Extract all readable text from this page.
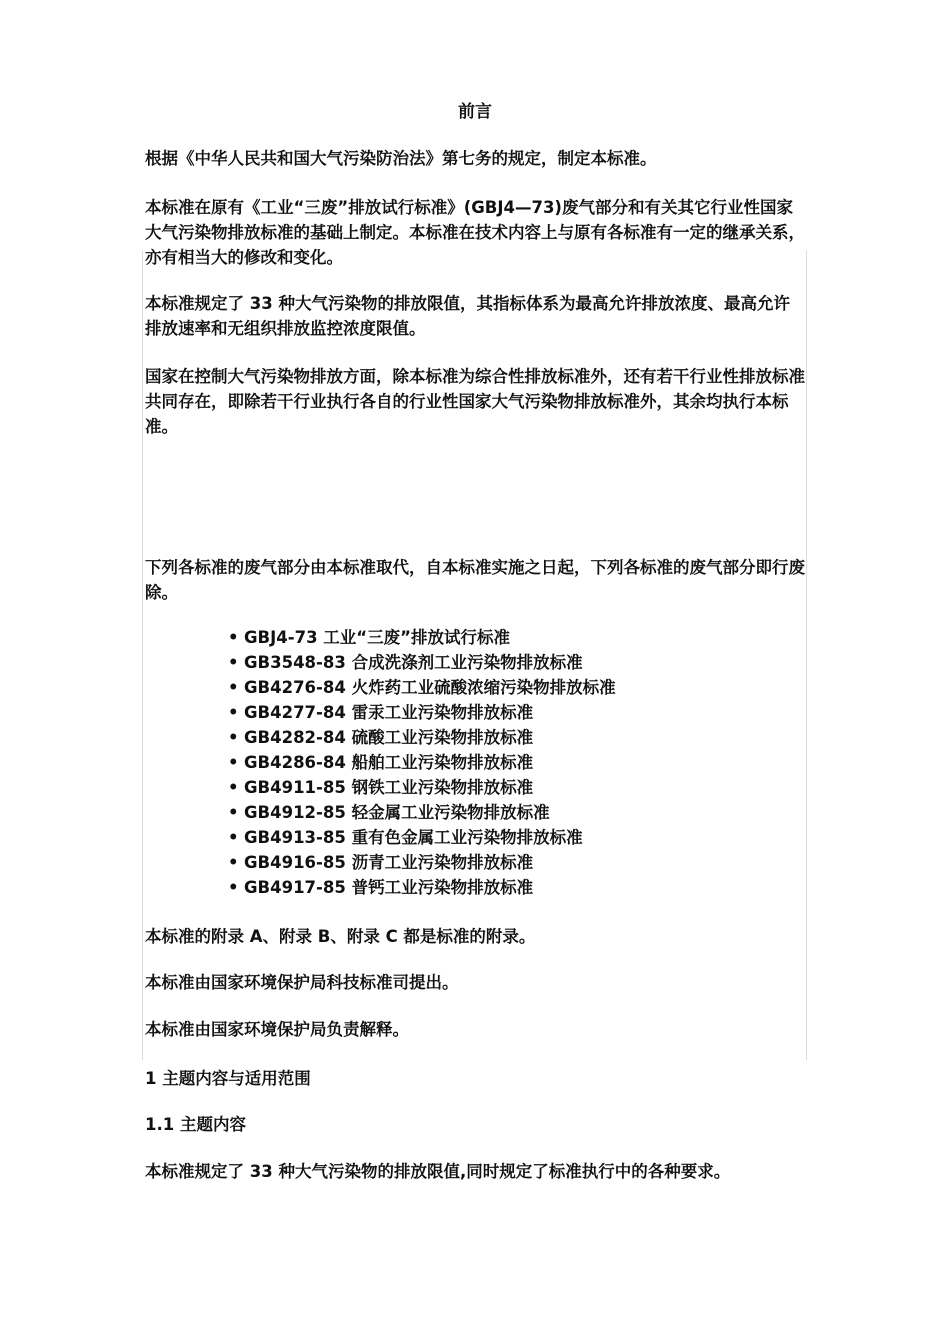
前言

根据《中华人民共和国大气污染防治法》第七务的规定，制定本标准。

本标准在原有《工业“三废”排放试行标准》(GBJ4—73)废气部分和有关其它行业性国家大气污染物排放标准的基础上制定。本标准在技术内容上与原有各标准有一定的继承关系，亦有相当大的修改和变化。

本标准规定了 33 种大气污染物的排放限值，其指标体系为最高允许排放浓度、最高允许排放速率和无组织排放监控浓度限值。

国家在控制大气污染物排放方面，除本标准为综合性排放标准外，还有若干行业性排放标准共同存在，即除若干行业执行各自的行业性国家大气污染物排放标准外，其余均执行本标准。

下列各标准的废气部分由本标准取代，自本标准实施之日起，下列各标准的废气部分即行废除。

• GBJ4-73 工业“三废”排放试行标准
• GB3548-83 合成洗涤剂工业污染物排放标准
• GB4276-84 火炸药工业硫酸浓缩污染物排放标准
• GB4277-84 雷汞工业污染物排放标准
• GB4282-84 硫酸工业污染物排放标准
• GB4286-84 船舶工业污染物排放标准
• GB4911-85 钢铁工业污染物排放标准
• GB4912-85 轻金属工业污染物排放标准
• GB4913-85 重有色金属工业污染物排放标准
• GB4916-85 沥青工业污染物排放标准
• GB4917-85 普钙工业污染物排放标准

本标准的附录 A、附录 B、附录 C 都是标准的附录。

本标准由国家环境保护局科技标准司提出。

本标准由国家环境保护局负责解释。

1 主题内容与适用范围
1.1 主题内容

本标准规定了 33 种大气污染物的排放限值,同时规定了标准执行中的各种要求。
